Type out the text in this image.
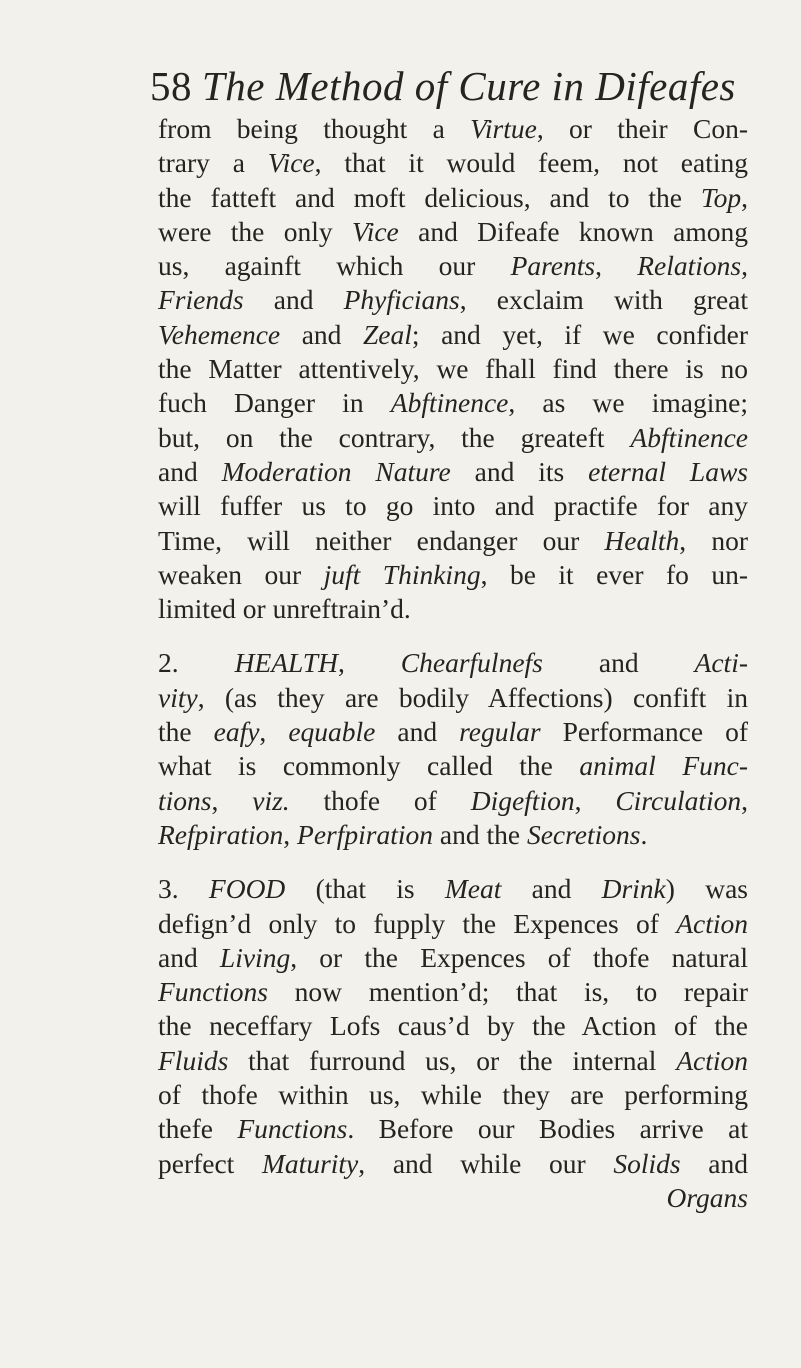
58 The Method of Cure in Difeafes
from being thought a Virtue, or their Con-
trary a Vice, that it would feem, not eating
the fatteft and moft delicious, and to the Top,
were the only Vice and Difeafe known among
us, againft which our Parents, Relations,
Friends and Phyficians, exclaim with great
Vehemence and Zeal; and yet, if we confider
the Matter attentively, we fhall find there is no
fuch Danger in Abftinence, as we imagine;
but, on the contrary, the greateft Abftinence
and Moderation Nature and its eternal Laws
will fuffer us to go into and practife for any
Time, will neither endanger our Health, nor
weaken our juft Thinking, be it ever fo un-
limited or unreftrain’d.
2. HEALTH, Chearfulnefs and Acti-
vity, (as they are bodily Affections) confift in
the eafy, equable and regular Performance of
what is commonly called the animal Func-
tions, viz. thofe of Digeftion, Circulation,
Refpiration, Perfpiration and the Secretions.
3. FOOD (that is Meat and Drink) was
defign’d only to fupply the Expences of Action
and Living, or the Expences of thofe natural
Functions now mention’d; that is, to repair
the neceffary Lofs caus’d by the Action of the
Fluids that furround us, or the internal Action
of thofe within us, while they are performing
thefe Functions. Before our Bodies arrive at
perfect Maturity, and while our Solids and
Organs
